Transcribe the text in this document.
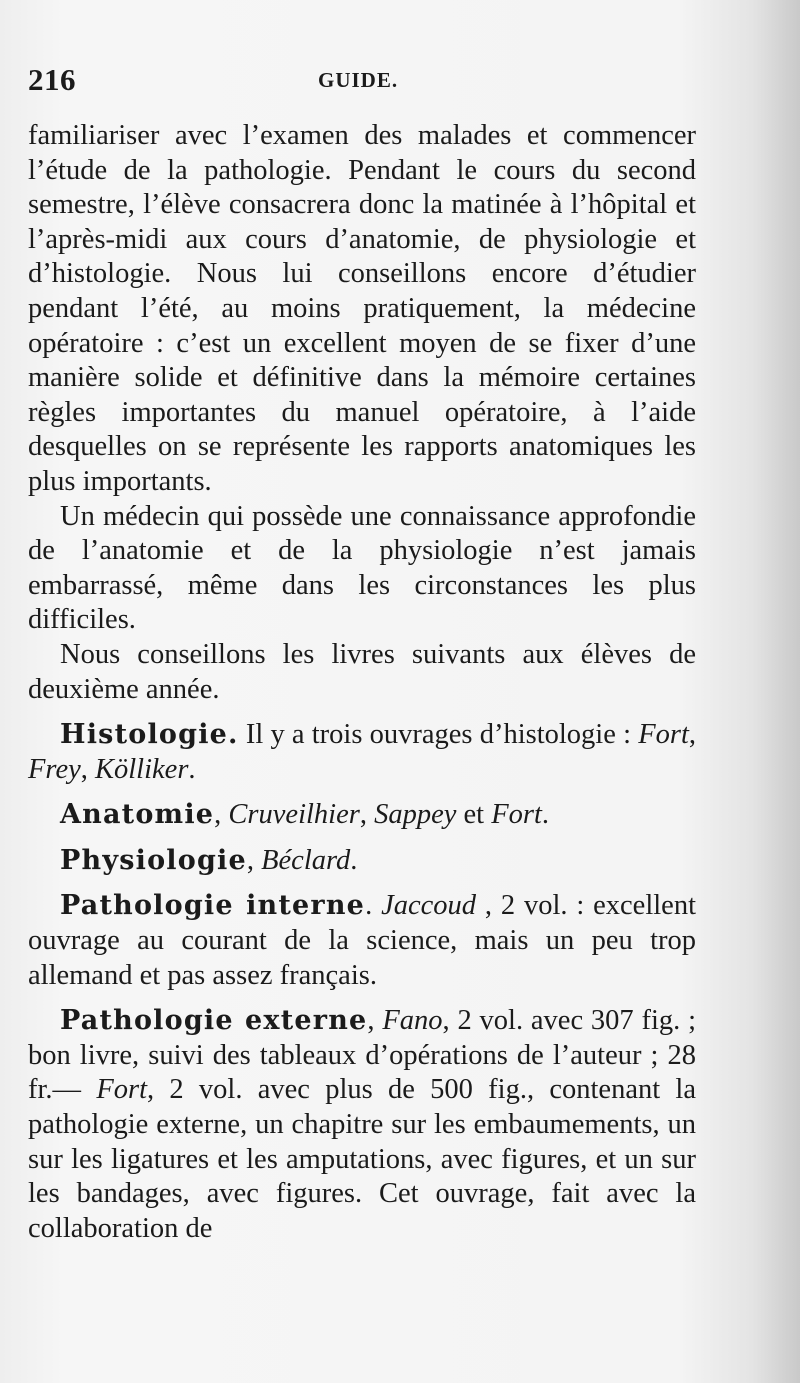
216	GUIDE.

familiariser avec l’examen des malades et commencer l’étude de la pathologie. Pendant le cours du second semestre, l’élève consacrera donc la matinée à l’hôpital et l’après-midi aux cours d’anatomie, de physiologie et d’histologie. Nous lui conseillons encore d’étudier pendant l’été, au moins pratiquement, la médecine opératoire : c’est un excellent moyen de se fixer d’une manière solide et définitive dans la mémoire certaines règles importantes du manuel opératoire, à l’aide desquelles on se représente les rapports anatomiques les plus importants.

Un médecin qui possède une connaissance approfondie de l’anatomie et de la physiologie n’est jamais embarrassé, même dans les circonstances les plus difficiles.

Nous conseillons les livres suivants aux élèves de deuxième année.

Histologie. Il y a trois ouvrages d’histologie : Fort, Frey, Kölliker.

Anatomie, Cruveilhier, Sappey et Fort.

Physiologie, Béclard.

Pathologie interne. Jaccoud , 2 vol. : excellent ouvrage au courant de la science, mais un peu trop allemand et pas assez français.

Pathologie externe, Fano, 2 vol. avec 307 fig. ; bon livre, suivi des tableaux d’opérations de l’auteur ; 28 fr.— Fort, 2 vol. avec plus de 500 fig., contenant la pathologie externe, un chapitre sur les embaumements, un sur les ligatures et les amputations, avec figures, et un sur les bandages, avec figures. Cet ouvrage, fait avec la collaboration de
